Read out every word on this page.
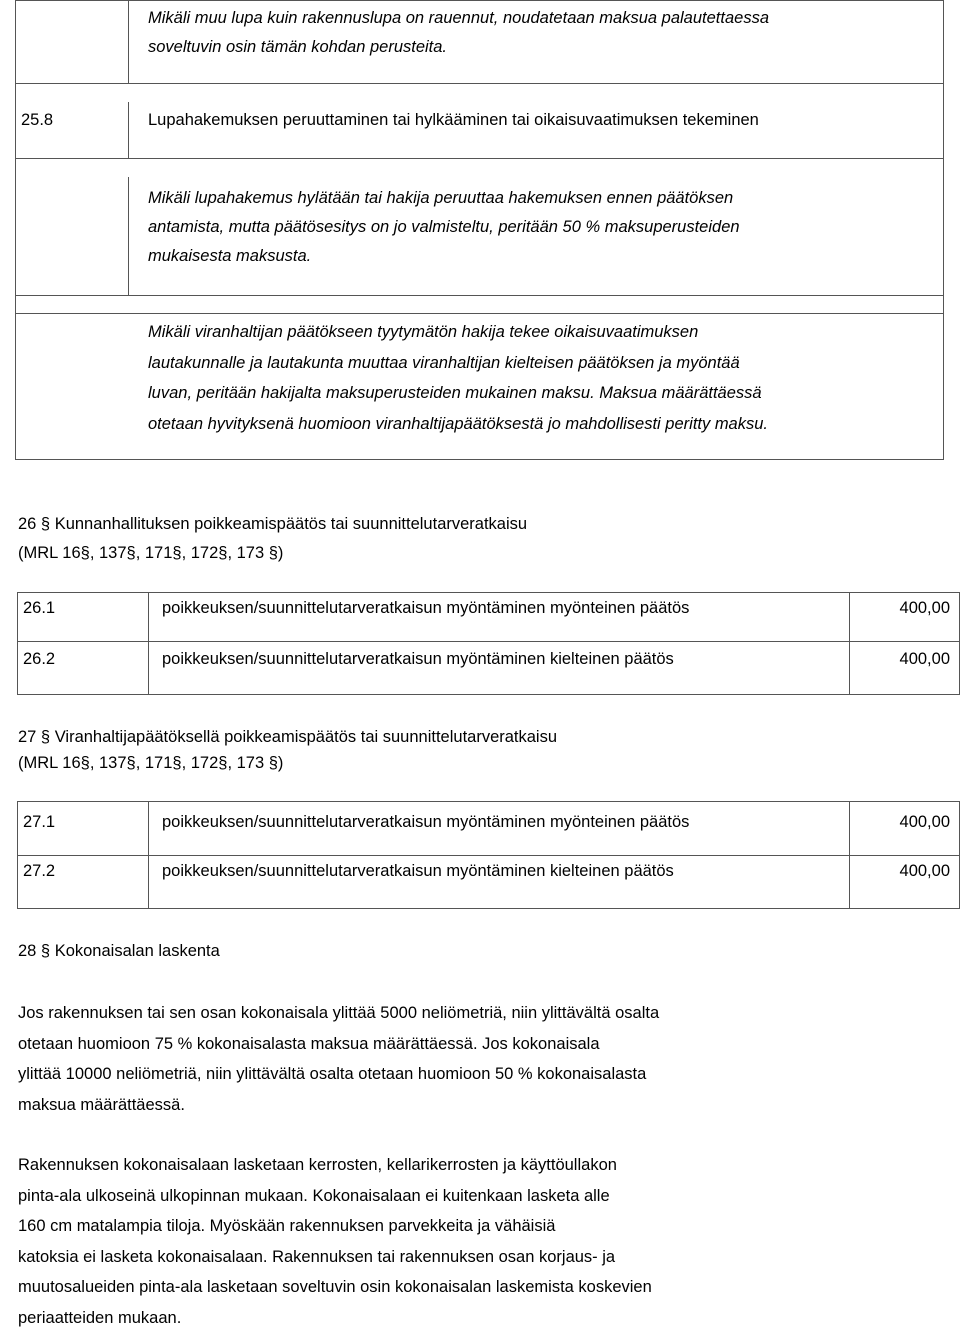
Mikäli muu lupa kuin rakennuslupa on rauennut, noudatetaan maksua palautettaessa
soveltuvin osin tämän kohdan perusteita.
25.8	Lupahakemuksen peruuttaminen tai hylkääminen tai oikaisuvaatimuksen tekeminen
Mikäli lupahakemus hylätään tai hakija peruuttaa hakemuksen ennen päätöksen
antamista, mutta päätösesitys on jo valmisteltu, peritään 50 % maksuperusteiden
mukaisesta maksusta.
Mikäli viranhaltijan päätökseen tyytymätön hakija tekee oikaisuvaatimuksen
lautakunnalle ja lautakunta muuttaa viranhaltijan kielteisen päätöksen ja myöntää
luvan, peritään hakijalta maksuperusteiden mukainen maksu. Maksua määrättäessä
otetaan hyvityksenä huomioon viranhaltijapäätöksestä jo mahdollisesti peritty maksu.
26 § Kunnanhallituksen poikkeamispäätös tai suunnittelutarveratkaisu
(MRL 16§, 137§, 171§, 172§, 173 §)
26.1	poikkeuksen/suunnittelutarveratkaisun myöntäminen myönteinen päätös	400,00
26.2	poikkeuksen/suunnittelutarveratkaisun myöntäminen kielteinen päätös	400,00
27 § Viranhaltijapäätöksellä poikkeamispäätös tai suunnittelutarveratkaisu
(MRL 16§, 137§, 171§, 172§, 173 §)
27.1	poikkeuksen/suunnittelutarveratkaisun myöntäminen myönteinen päätös	400,00
27.2	poikkeuksen/suunnittelutarveratkaisun myöntäminen kielteinen päätös	400,00
28 § Kokonaisalan laskenta
Jos rakennuksen tai sen osan kokonaisala ylittää 5000 neliömetriä, niin ylittävältä osalta
otetaan huomioon 75 % kokonaisalasta maksua määrättäessä. Jos kokonaisala
ylittää 10000 neliömetriä, niin ylittävältä osalta otetaan huomioon 50 % kokonaisalasta
maksua määrättäessä.
Rakennuksen kokonaisalaan lasketaan kerrosten, kellarikerrosten ja käyttöullakon
pinta-ala ulkoseinä ulkopinnan mukaan. Kokonaisalaan ei kuitenkaan lasketa alle
160 cm matalampia tiloja. Myöskään rakennuksen parvekkeita ja vähäisiä
katoksia ei lasketa kokonaisalaan. Rakennuksen tai rakennuksen osan korjaus- ja
muutosalueiden pinta-ala lasketaan soveltuvin osin kokonaisalan laskemista koskevien
periaatteiden mukaan.
